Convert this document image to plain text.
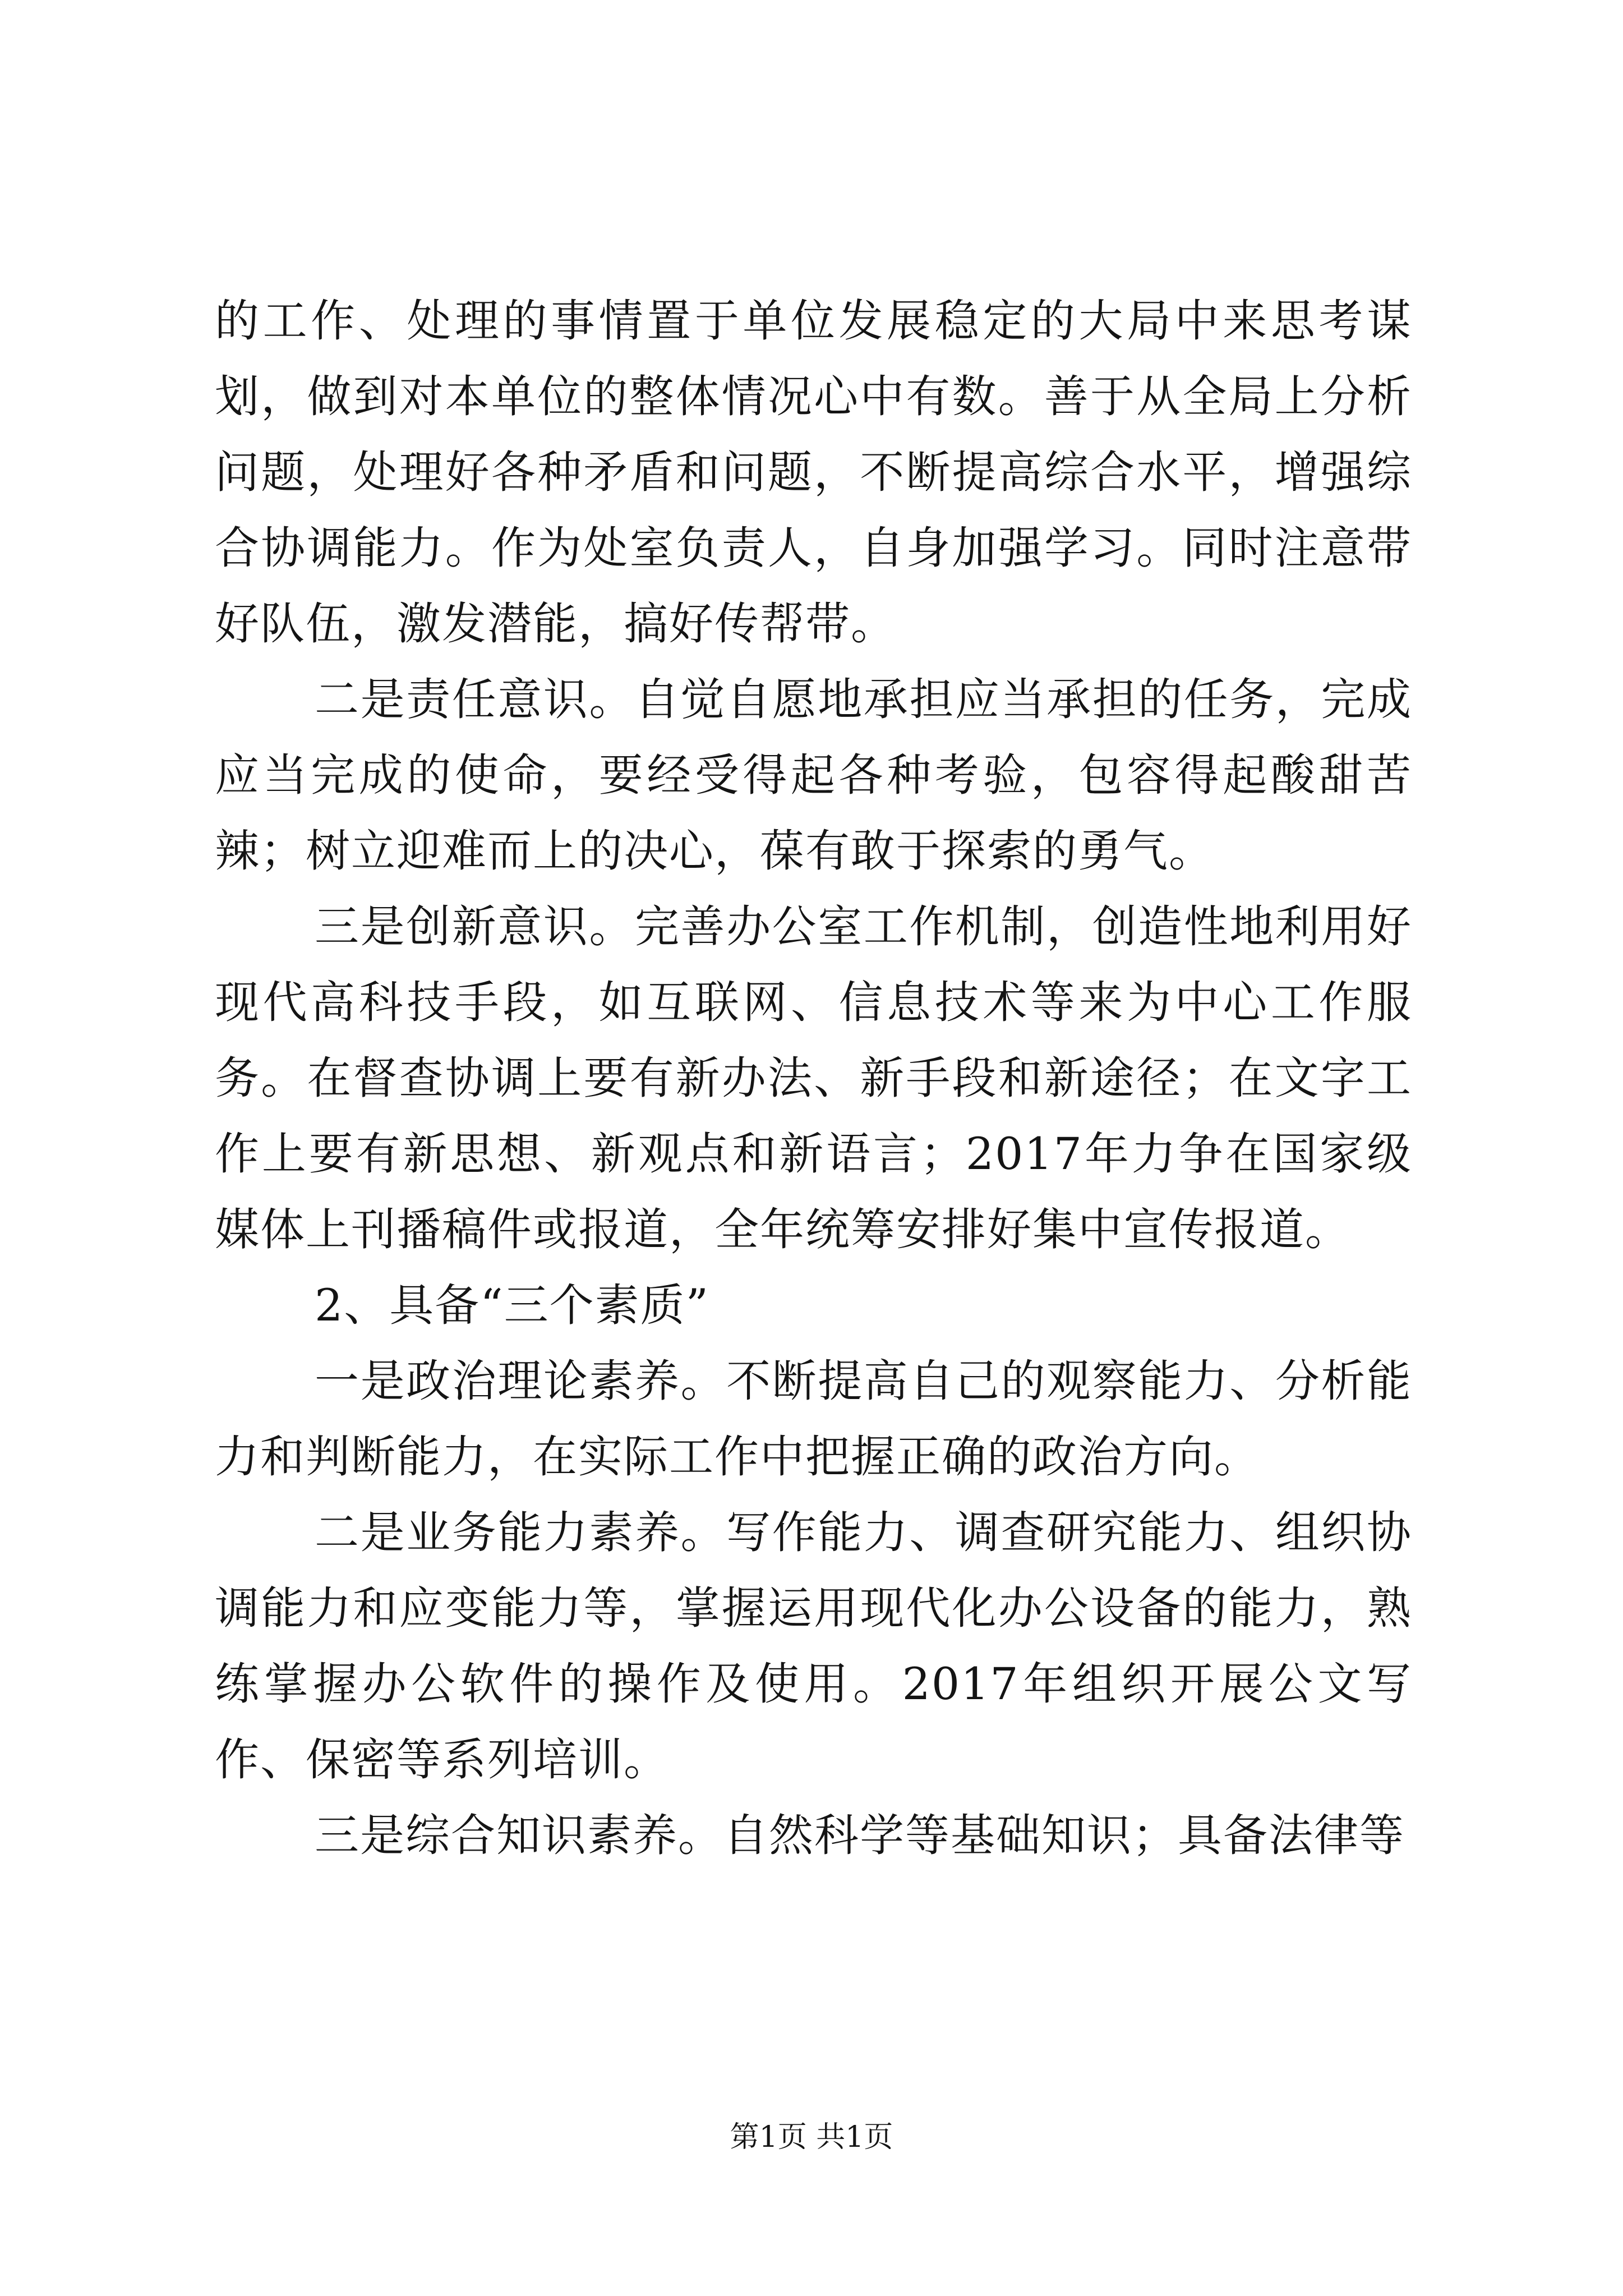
的工作、处理的事情置于单位发展稳定的大局中来思考谋划，做到对本单位的整体情况心中有数。善于从全局上分析问题，处理好各种矛盾和问题，不断提高综合水平，增强综合协调能力。作为处室负责人，自身加强学习。同时注意带好队伍，激发潜能，搞好传帮带。

二是责任意识。自觉自愿地承担应当承担的任务，完成应当完成的使命，要经受得起各种考验，包容得起酸甜苦辣；树立迎难而上的决心，葆有敢于探索的勇气。

三是创新意识。完善办公室工作机制，创造性地利用好现代高科技手段，如互联网、信息技术等来为中心工作服务。在督查协调上要有新办法、新手段和新途径；在文字工作上要有新思想、新观点和新语言；2017年力争在国家级媒体上刊播稿件或报道，全年统筹安排好集中宣传报道。

2、具备“三个素质”

一是政治理论素养。不断提高自己的观察能力、分析能力和判断能力，在实际工作中把握正确的政治方向。

二是业务能力素养。写作能力、调查研究能力、组织协调能力和应变能力等，掌握运用现代化办公设备的能力，熟练掌握办公软件的操作及使用。2017年组织开展公文写作、保密等系列培训。

三是综合知识素养。自然科学等基础知识；具备法律等

第1页 共1页
